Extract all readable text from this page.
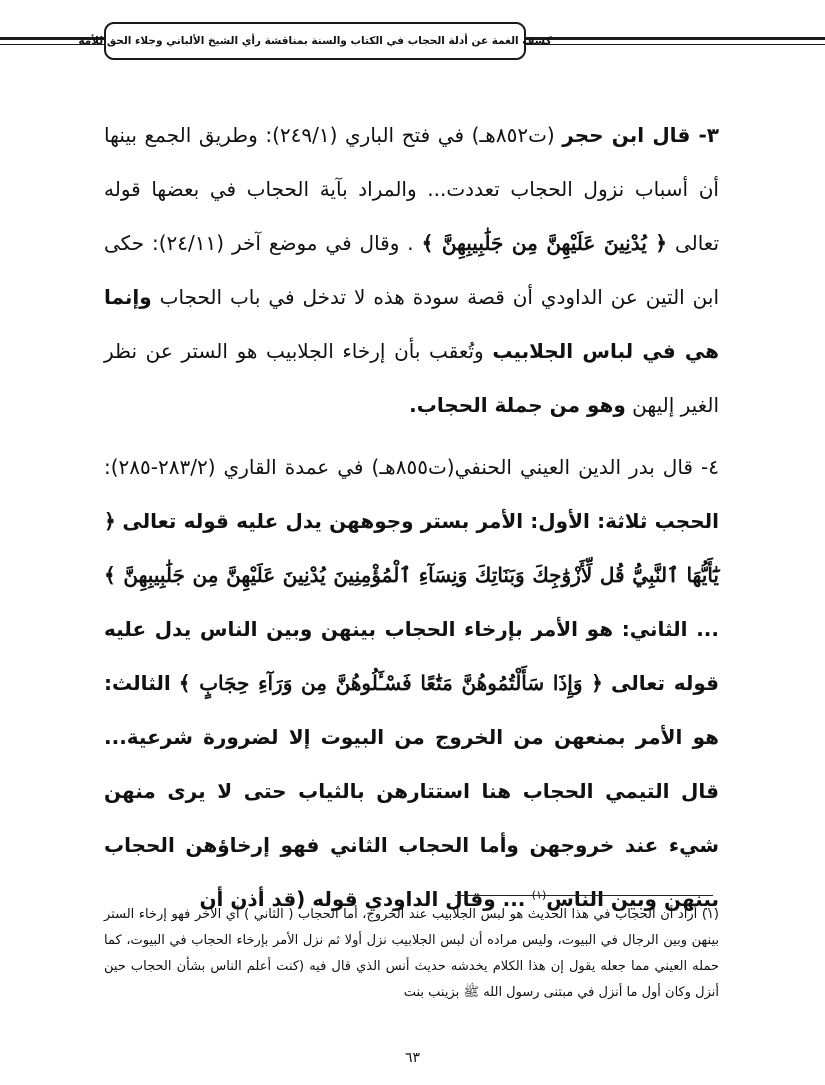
كشف الغمة عن أدلة الحجاب في الكتاب والسنة بمناقشة رأي الشيخ الألباني وجلاء الحق للأمة

٣- قال ابن حجر (ت٨٥٢هـ) في فتح الباري (٢٤٩/١): وطريق الجمع بينها أن أسباب نزول الحجاب تعددت... والمراد بآية الحجاب في بعضها قوله تعالى ﴿ يُدْنِينَ عَلَيْهِنَّ مِن جَلَٰبِيبِهِنَّ ﴾ . وقال في موضع آخر (٢٤/١١): حكى ابن التين عن الداودي أن قصة سودة هذه لا تدخل في باب الحجاب وإنما هي في لباس الجلابيب وتُعقب بأن إرخاء الجلابيب هو الستر عن نظر الغير إليهن وهو من جملة الحجاب.

٤- قال بدر الدين العيني الحنفي(ت٨٥٥هـ) في عمدة القاري (٢٨٣/٢-٢٨٥): الحجب ثلاثة: الأول: الأمر بستر وجوههن يدل عليه قوله تعالى ﴿ يَٰٓأَيُّهَا ٱلنَّبِيُّ قُل لِّأَزْوَٰجِكَ وَبَنَاتِكَ وَنِسَآءِ ٱلْمُؤْمِنِينَ يُدْنِينَ عَلَيْهِنَّ مِن جَلَٰبِيبِهِنَّ ﴾ ... الثاني: هو الأمر بإرخاء الحجاب بينهن وبين الناس يدل عليه قوله تعالى ﴿ وَإِذَا سَأَلْتُمُوهُنَّ مَتَٰعًا فَسْـَٔلُوهُنَّ مِن وَرَآءِ حِجَابٍ ﴾ الثالث: هو الأمر بمنعهن من الخروج من البيوت إلا لضرورة شرعية... قال التيمي الحجاب هنا استتارهن بالثياب حتى لا يرى منهن شيء عند خروجهن وأما الحجاب الثاني فهو إرخاؤهن الحجاب بينهن وبين الناس$^{(١)}$ ... وقال الداودي قوله (قد أذن أن

(١) أراد أن الحجاب في هذا الحديث هو لبس الجلابيب عند الخروج، أما الحجاب ( الثاني ) أي الآخر فهو إرخاء الستر بينهن وبين الرجال في البيوت، وليس مراده أن لبس الجلابيب نزل أولا ثم نزل الأمر بإرخاء الحجاب في البيوت، كما حمله العيني مما جعله يقول إن هذا الكلام يخدشه حديث أنس الذي قال فيه (كنت أعلم الناس بشأن الحجاب حين أنزل وكان أول ما أنزل في مبتنى رسول الله ﷺ بزينب بنت
٦٣
